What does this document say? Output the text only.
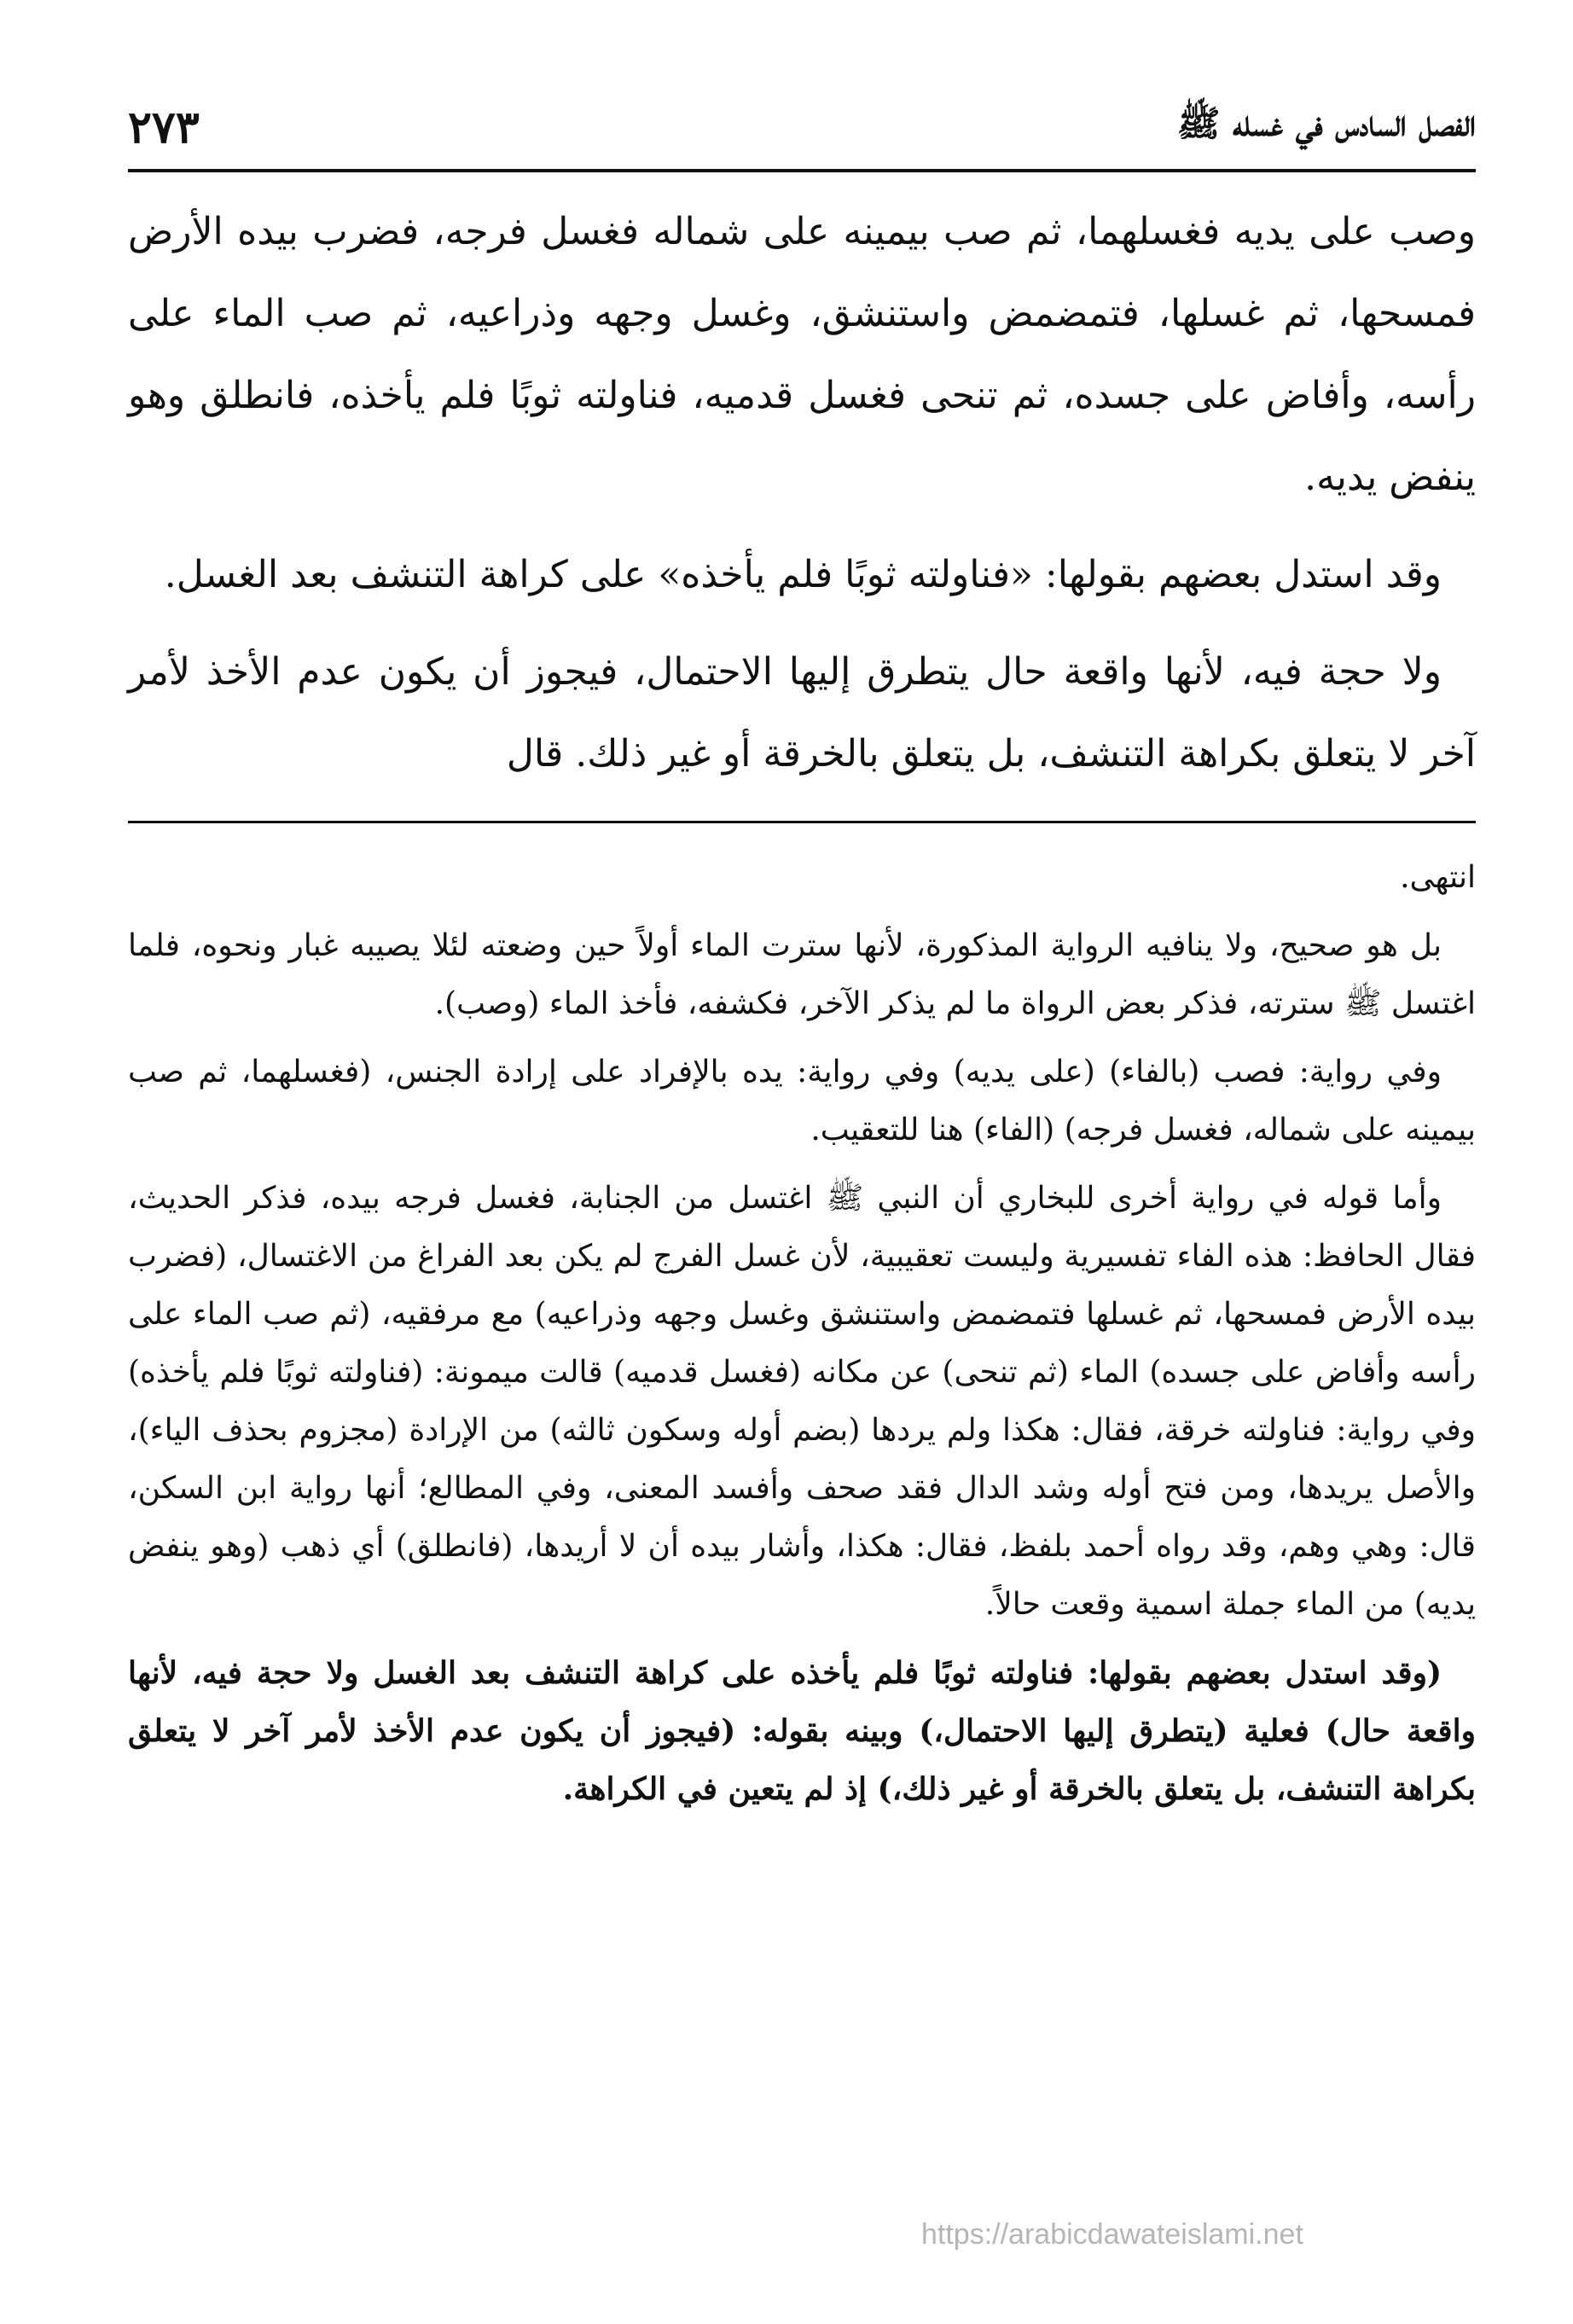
الفصل السادس في غسله ﷺ
٢٧٣

وصب على يديه فغسلهما، ثم صب بيمينه على شماله فغسل فرجه، فضرب بيده الأرض فمسحها، ثم غسلها، فتمضمض واستنشق، وغسل وجهه وذراعيه، ثم صب الماء على رأسه، وأفاض على جسده، ثم تنحى فغسل قدميه، فناولته ثوبًا فلم يأخذه، فانطلق وهو ينفض يديه.

وقد استدل بعضهم بقولها: «فناولته ثوبًا فلم يأخذه» على كراهة التنشف بعد الغسل.

ولا حجة فيه، لأنها واقعة حال يتطرق إليها الاحتمال، فيجوز أن يكون عدم الأخذ لأمر آخر لا يتعلق بكراهة التنشف، بل يتعلق بالخرقة أو غير ذلك. قال

انتهى.

بل هو صحيح، ولا ينافيه الرواية المذكورة، لأنها سترت الماء أولاً حين وضعته لئلا يصيبه غبار ونحوه، فلما اغتسل ﷺ سترته، فذكر بعض الرواة ما لم يذكر الآخر، فكشفه، فأخذ الماء (وصب).

وفي رواية: فصب (بالفاء) (على يديه) وفي رواية: يده بالإفراد على إرادة الجنس، (فغسلهما، ثم صب بيمينه على شماله، فغسل فرجه) (الفاء) هنا للتعقيب.

وأما قوله في رواية أخرى للبخاري أن النبي ﷺ اغتسل من الجنابة، فغسل فرجه بيده، فذكر الحديث، فقال الحافظ: هذه الفاء تفسيرية وليست تعقيبية، لأن غسل الفرج لم يكن بعد الفراغ من الاغتسال، (فضرب بيده الأرض فمسحها، ثم غسلها فتمضمض واستنشق وغسل وجهه وذراعيه) مع مرفقيه، (ثم صب الماء على رأسه وأفاض على جسده) الماء (ثم تنحى) عن مكانه (فغسل قدميه) قالت ميمونة: (فناولته ثوبًا فلم يأخذه) وفي رواية: فناولته خرقة، فقال: هكذا ولم يردها (بضم أوله وسكون ثالثه) من الإرادة (مجزوم بحذف الياء)، والأصل يريدها، ومن فتح أوله وشد الدال فقد صحف وأفسد المعنى، وفي المطالع؛ أنها رواية ابن السكن، قال: وهي وهم، وقد رواه أحمد بلفظ، فقال: هكذا، وأشار بيده أن لا أريدها، (فانطلق) أي ذهب (وهو ينفض يديه) من الماء جملة اسمية وقعت حالاً.

(وقد استدل بعضهم بقولها: فناولته ثوبًا فلم يأخذه على كراهة التنشف بعد الغسل ولا حجة فيه، لأنها واقعة حال) فعلية (يتطرق إليها الاحتمال،) وبينه بقوله: (فيجوز أن يكون عدم الأخذ لأمر آخر لا يتعلق بكراهة التنشف، بل يتعلق بالخرقة أو غير ذلك،) إذ لم يتعين في الكراهة.

https://arabicdawateislami.net
